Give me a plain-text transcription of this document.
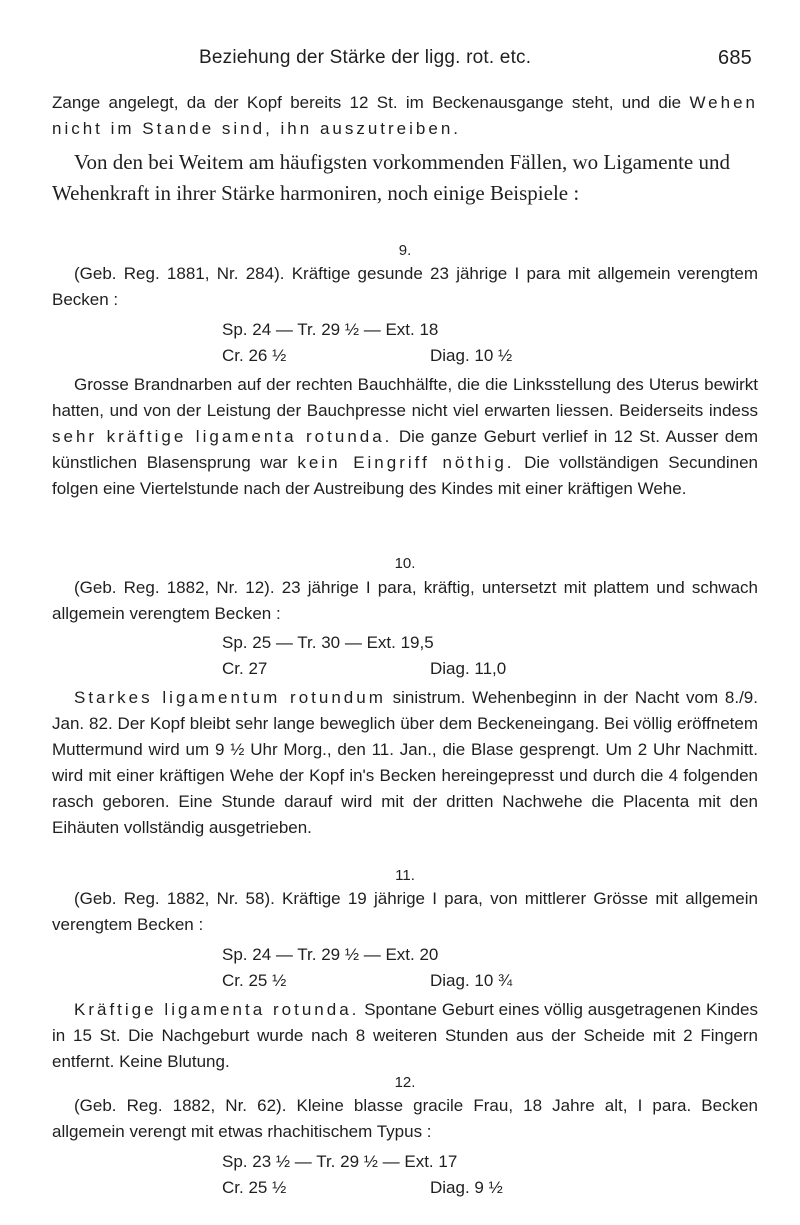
Beziehung der Stärke der ligg. rot. etc.	685

Zange angelegt, da der Kopf bereits 12 St. im Beckenausgange steht, und die Wehen nicht im Stande sind, ihn auszutreiben.

Von den bei Weitem am häufigsten vorkommenden Fällen, wo Ligamente und Wehenkraft in ihrer Stärke harmoniren, noch einige Beispiele :

9.

(Geb. Reg. 1881, Nr. 284). Kräftige gesunde 23 jährige I para mit allgemein verengtem Becken :

Sp. 24 — Tr. 29 ½ — Ext. 18
Cr. 26 ½	Diag. 10 ½

Grosse Brandnarben auf der rechten Bauchhälfte, die die Linksstellung des Uterus bewirkt hatten, und von der Leistung der Bauchpresse nicht viel erwarten liessen. Beiderseits indess sehr kräftige ligamenta rotunda. Die ganze Geburt verlief in 12 St. Ausser dem künstlichen Blasensprung war kein Eingriff nöthig. Die vollständigen Secundinen folgen eine Viertelstunde nach der Austreibung des Kindes mit einer kräftigen Wehe.

10.

(Geb. Reg. 1882, Nr. 12). 23 jährige I para, kräftig, untersetzt mit plattem und schwach allgemein verengtem Becken :

Sp. 25 — Tr. 30 — Ext. 19,5
Cr. 27	Diag. 11,0

Starkes ligamentum rotundum sinistrum. Wehenbeginn in der Nacht vom 8./9. Jan. 82. Der Kopf bleibt sehr lange beweglich über dem Beckeneingang. Bei völlig eröffnetem Muttermund wird um 9 ½ Uhr Morg., den 11. Jan., die Blase gesprengt. Um 2 Uhr Nachmitt. wird mit einer kräftigen Wehe der Kopf in's Becken hereingepresst und durch die 4 folgenden rasch geboren. Eine Stunde darauf wird mit der dritten Nachwehe die Placenta mit den Eihäuten vollständig ausgetrieben.

11.

(Geb. Reg. 1882, Nr. 58). Kräftige 19 jährige I para, von mittlerer Grösse mit allgemein verengtem Becken :

Sp. 24 — Tr. 29 ½ — Ext. 20
Cr. 25 ½	Diag. 10 ¾

Kräftige ligamenta rotunda. Spontane Geburt eines völlig ausgetragenen Kindes in 15 St. Die Nachgeburt wurde nach 8 weiteren Stunden aus der Scheide mit 2 Fingern entfernt. Keine Blutung.

12.

(Geb. Reg. 1882, Nr. 62). Kleine blasse gracile Frau, 18 Jahre alt, I para. Becken allgemein verengt mit etwas rhachitischem Typus :

Sp. 23 ½ — Tr. 29 ½ — Ext. 17
Cr. 25 ½	Diag. 9 ½
